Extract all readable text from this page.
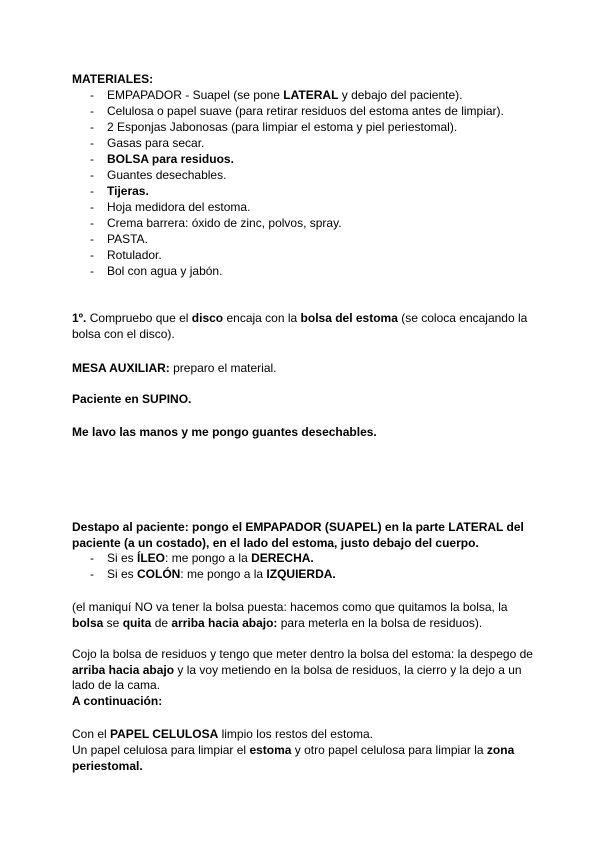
MATERIALES:

- EMPAPADOR - Suapel (se pone LATERAL y debajo del paciente).
- Celulosa o papel suave (para retirar residuos del estoma antes de limpiar).
- 2 Esponjas Jabonosas (para limpiar el estoma y piel periestomal).
- Gasas para secar.
- BOLSA para residuos.
- Guantes desechables.
- Tijeras.
- Hoja medidora del estoma.
- Crema barrera: óxido de zinc, polvos, spray.
- PASTA.
- Rotulador.
- Bol con agua y jabón.

1º. Compruebo que el disco encaja con la bolsa del estoma (se coloca encajando la bolsa con el disco).

MESA AUXILIAR: preparo el material.

Paciente en SUPINO.

Me lavo las manos y me pongo guantes desechables.

Destapo al paciente: pongo el EMPAPADOR (SUAPEL) en la parte LATERAL del paciente (a un costado), en el lado del estoma, justo debajo del cuerpo.

- Si es ÍLEO: me pongo a la DERECHA.
- Si es COLÓN: me pongo a la IZQUIERDA.

(el maniquí NO va tener la bolsa puesta: hacemos como que quitamos la bolsa, la bolsa se quita de arriba hacia abajo: para meterla en la bolsa de residuos).

Cojo la bolsa de residuos y tengo que meter dentro la bolsa del estoma: la despego de arriba hacia abajo y la voy metiendo en la bolsa de residuos, la cierro y la dejo a un lado de la cama.

A continuación:

Con el PAPEL CELULOSA limpio los restos del estoma.

Un papel celulosa para limpiar el estoma y otro papel celulosa para limpiar la zona periestomal.
